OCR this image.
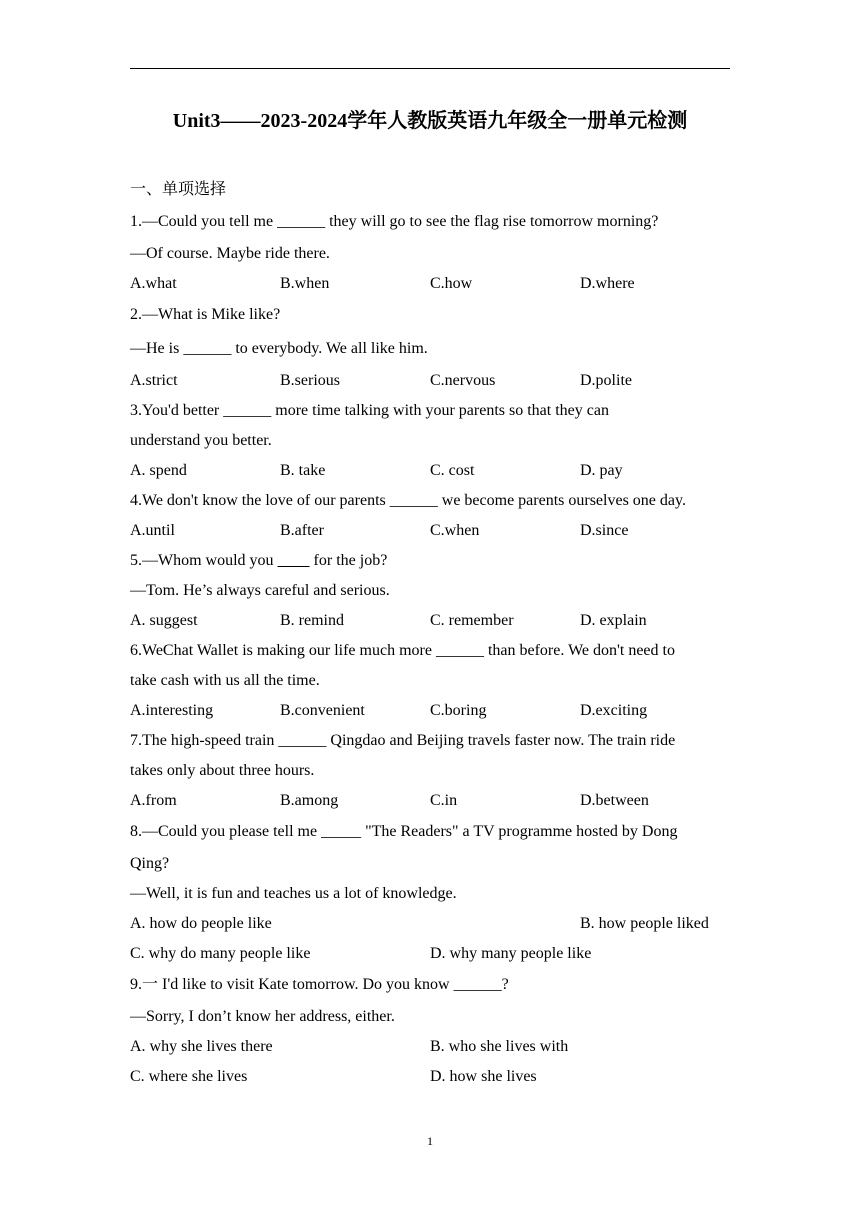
Unit3——2023-2024学年人教版英语九年级全一册单元检测
一、单项选择
1.—Could you tell me ______ they will go to see the flag rise tomorrow morning?
—Of course. Maybe ride there.
A.what	B.when	C.how	D.where
2.—What is Mike like?
—He is ______ to everybody. We all like him.
A.strict	B.serious	C.nervous	D.polite
3.You'd better ______ more time talking with your parents so that they can
understand you better.
A. spend	B. take	C. cost	D. pay
4.We don't know the love of our parents ______ we become parents ourselves one day.
A.until	B.after	C.when	D.since
5.—Whom would you          for the job?
—Tom. He’s always careful and serious.
A. suggest	B. remind	C. remember	D. explain
6.WeChat Wallet is making our life much more ______ than before. We don't need to
take cash with us all the time.
A.interesting	B.convenient	C.boring	D.exciting
7.The high-speed train ______ Qingdao and Beijing travels faster now. The train ride
takes only about three hours.
A.from	B.among	C.in	D.between
8.—Could you please tell me _____ "The Readers" a TV programme hosted by Dong
Qing?
—Well, it is fun and teaches us a lot of knowledge.
A. how do people like	B. how people liked
C. why do many people like	D. why many people like
9.一 I'd like to visit Kate tomorrow. Do you know ______?
—Sorry, I don’t know her address, either.
A. why she lives there	B. who she lives with
C. where she lives	D. how she lives
1
